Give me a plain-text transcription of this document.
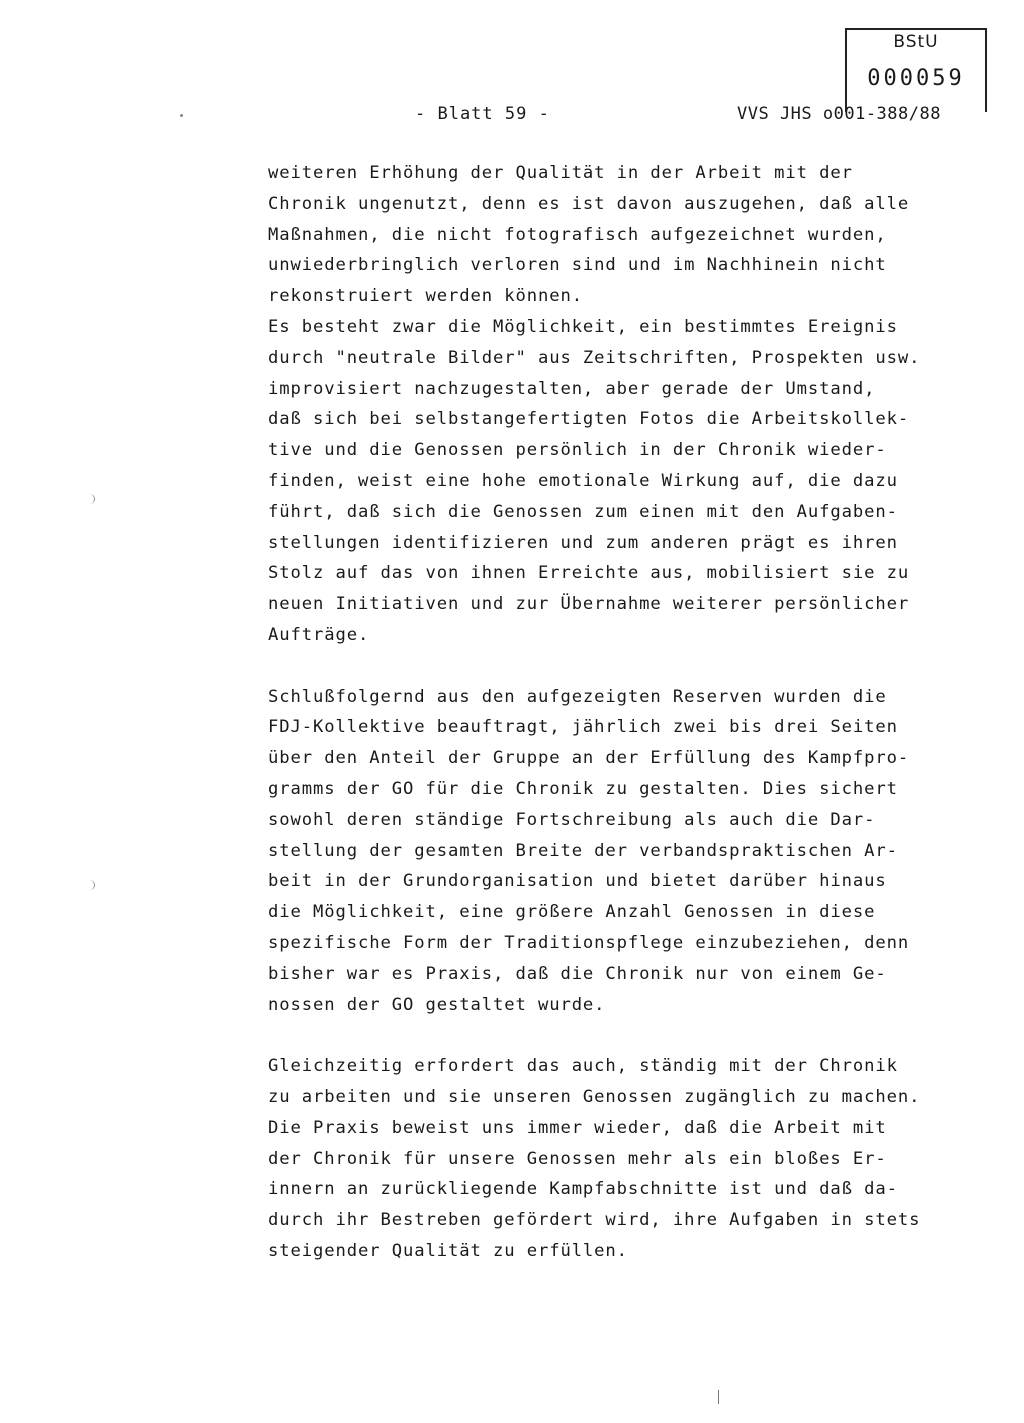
BStU
000059
- Blatt 59 -	VVS JHS o001-388/88
weiteren Erhöhung der Qualität in der Arbeit mit der
Chronik ungenutzt, denn es ist davon auszugehen, daß alle
Maßnahmen, die nicht fotografisch aufgezeichnet wurden,
unwiederbringlich verloren sind und im Nachhinein nicht
rekonstruiert werden können.
Es besteht zwar die Möglichkeit, ein bestimmtes Ereignis
durch "neutrale Bilder" aus Zeitschriften, Prospekten usw.
improvisiert nachzugestalten, aber gerade der Umstand,
daß sich bei selbstangefertigten Fotos die Arbeitskollek-
tive und die Genossen persönlich in der Chronik wieder-
finden, weist eine hohe emotionale Wirkung auf, die dazu
führt, daß sich die Genossen zum einen mit den Aufgaben-
stellungen identifizieren und zum anderen prägt es ihren
Stolz auf das von ihnen Erreichte aus, mobilisiert sie zu
neuen Initiativen und zur Übernahme weiterer persönlicher
Aufträge.
Schlußfolgernd aus den aufgezeigten Reserven wurden die
FDJ-Kollektive beauftragt, jährlich zwei bis drei Seiten
über den Anteil der Gruppe an der Erfüllung des Kampfpro-
gramms der GO für die Chronik zu gestalten. Dies sichert
sowohl deren ständige Fortschreibung als auch die Dar-
stellung der gesamten Breite der verbandspraktischen Ar-
beit in der Grundorganisation und bietet darüber hinaus
die Möglichkeit, eine größere Anzahl Genossen in diese
spezifische Form der Traditionspflege einzubeziehen, denn
bisher war es Praxis, daß die Chronik nur von einem Ge-
nossen der GO gestaltet wurde.
Gleichzeitig erfordert das auch, ständig mit der Chronik
zu arbeiten und sie unseren Genossen zugänglich zu machen.
Die Praxis beweist uns immer wieder, daß die Arbeit mit
der Chronik für unsere Genossen mehr als ein bloßes Er-
innern an zurückliegende Kampfabschnitte ist und daß da-
durch ihr Bestreben gefördert wird, ihre Aufgaben in stets
steigender Qualität zu erfüllen.
